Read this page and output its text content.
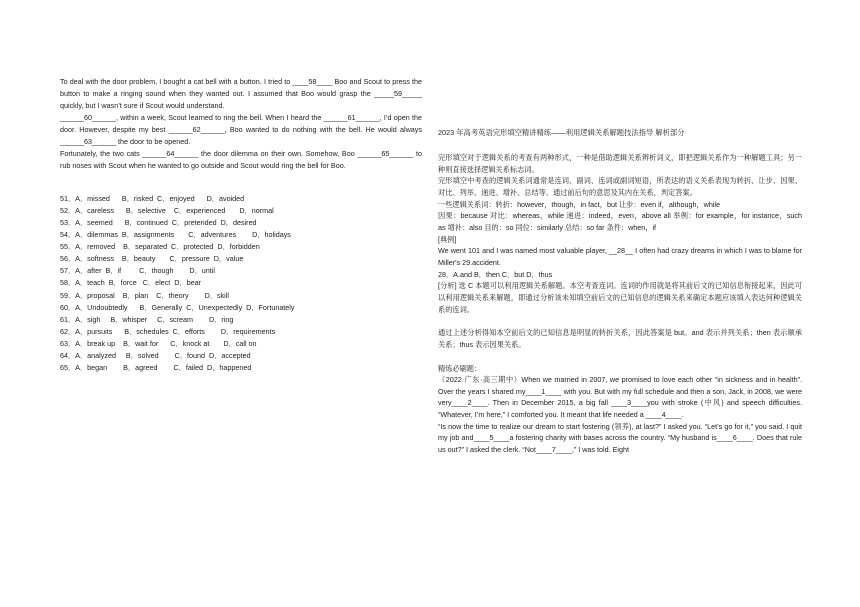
To deal with the door problem, I bought a cat bell with a button. I tried to ____58____ Boo and Scout to press the button to make a ringing sound when they wanted out. I assumed that Boo would grasp the _____59_____ quickly, but I wasn’t sure if Scout would understand.

______60______, within a week, Scout learned to ring the bell. When I heard the ______61______, I’d open the door. However, despite my best ______62______, Boo wanted to do nothing with the bell. He would always ______63______ the door to be opened.

Fortunately, the two cats ______64______ the door dilemma on their own. Somehow, Boo ______65______ to rub noses with Scout when he wanted to go outside and Scout would ring the bell for Boo.

51．A．missed      B．risked  C．enjoyed      D．avoided
52．A．careless      B．selective    C．experienced       D．normal
53．A．seemed      B．continued  C．pretended  D．desired
54．A．dilemmas  B．assignments       C．adventures        D．holidays
55．A．removed    B．separated  C．protected  D．forbidden
56．A．softness    B．beauty       C．pressure  D．value
57．A．after  B．if         C．though        D．until
58．A．teach  B．force   C．elect  D．bear
59．A．proposal    B．plan    C．theory        D．skill
60．A．Undoubtedly      B．Generally  C．Unexpectedly  D．Fortunately
61．A．sigh     B．whisper     C．scream        D．ring
62．A．pursuits      B．schedules  C．efforts        D．requirements
63．A．break up    B．wait for      C．knock at       D．call on
64．A．analyzed     B．solved        C．found  D．accepted
65．A．began        B．agreed        C．failed  D．happened
2023 年高考英语完形填空精讲精练——利用逻辑关系解题技法指导 解析部分

完形填空对于逻辑关系的考查有两种形式，一种是借助逻辑关系辨析词义，即把逻辑关系作为一种解题工具；另一种则直接选择逻辑关系标志词。

完形填空中考查的逻辑关系词通常是连词、副词、连词或副词短语，所表达的语义关系表现为转折、让步、因果、对比、列举、递进、增补、总结等。通过前后句的意思及其内在关系，判定答案。

一些逻辑关系词：转折：however，though，in fact，but 让步：even if，although，while

因果：because 对比：whereas，while 递进：indeed，even，above all 举例：for example，for instance，such as 增补：also 目的：so 同位：similarly 总结：so far 条件：when，if

[典例]

We went 101 and I was named most valuable player, __28__ I often had crazy dreams in which I was to blame for Miller's 29.accident.

28．A.and B．then C．but D．thus

[分析] 选 C 本题可以利用逻辑关系解题。本空考查连词。连词的作用就是将其前后文的已知信息衔接起来，因此可以利用逻辑关系来解题，即通过分析该未知填空前后文的已知信息的逻辑关系来确定本题应该填入表达何种逻辑关系的连词。

通过上述分析得知本空前后文的已知信息是明显的转折关系，因此答案是 but。and 表示并列关系；then 表示顺承关系；thus 表示因果关系。

精炼必刷题：

（2022·广东·高三期中）When we married in 2007, we promised to love each other “in sickness and in health”. Over the years I shared my____1____ with you. But with my full schedule and then a son, Jack, in 2008, we were very____2____. Then in December 2015, a big fall ____3____you with stroke (中风) and speech difficulties. “Whatever, I’m here,” I comforted you. It meant that life needed a ____4____.

“Is now the time to realize our dream to start fostering (领养), at last?” I asked you. “Let’s go for it,” you said. I quit my job and____5____a fostering charity with bases across the country. “My husband is____6____. Does that rule us out?” I asked the clerk. “Not____7____,” I was told. Eight
